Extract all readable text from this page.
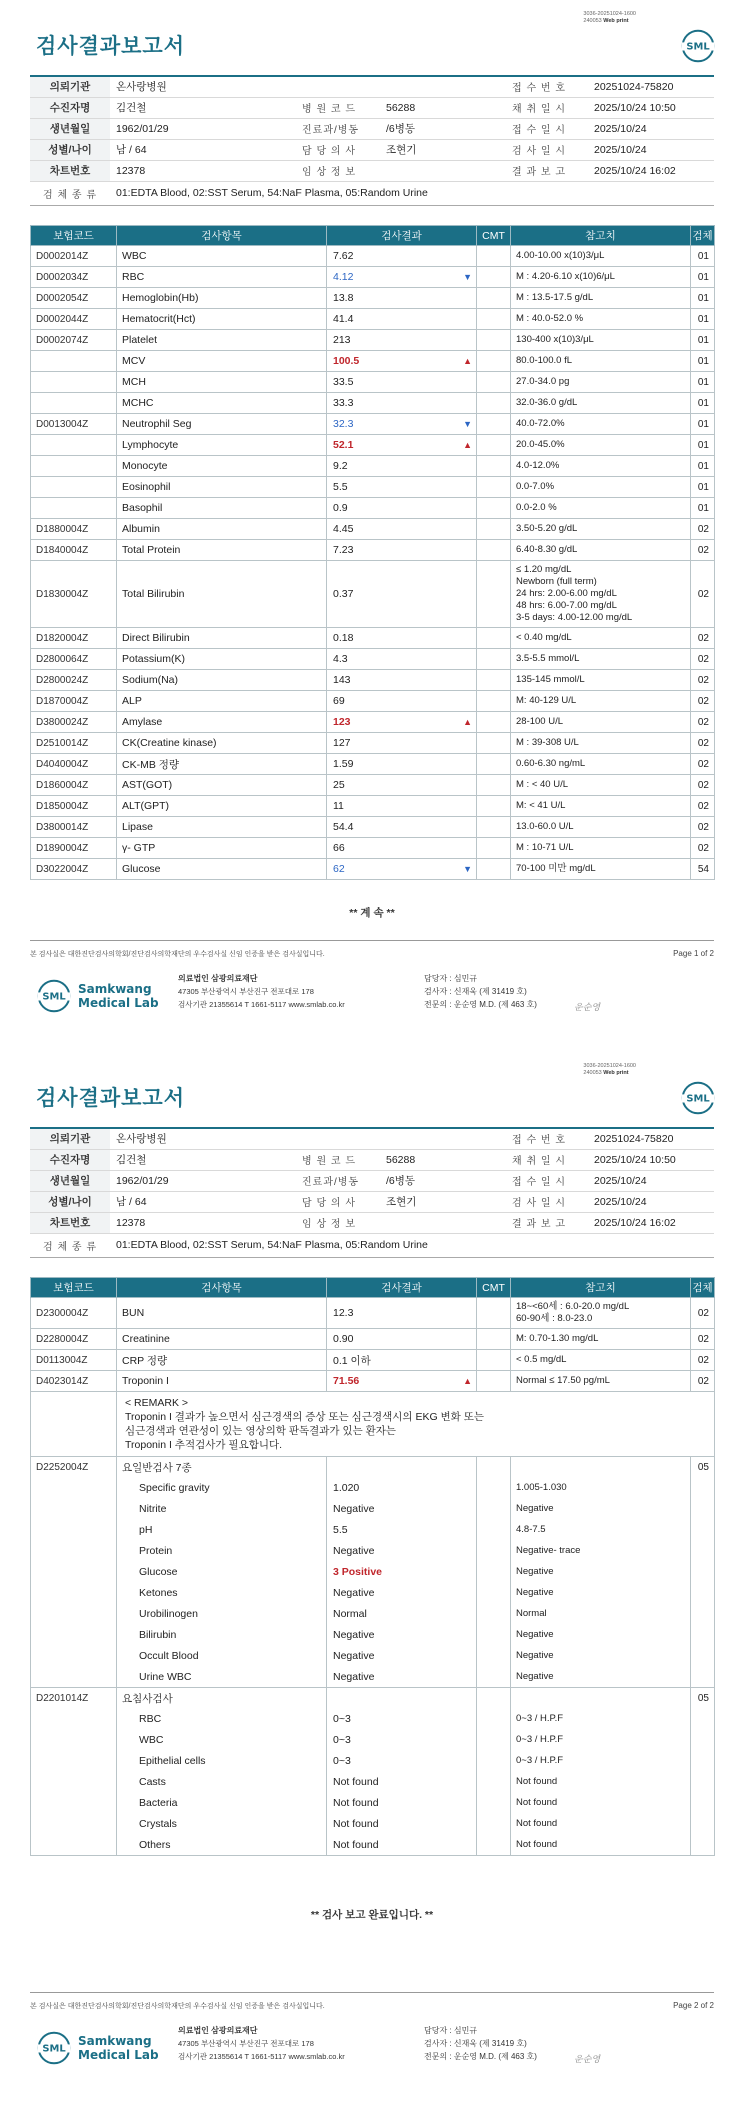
3036-20251024-1600
240053 Web print
검사결과보고서	SML
의뢰기관	온사랑병원			접 수 번 호	20251024-75820
수진자명	김건철	병 원 코 드	56288	채 취 일 시	2025/10/24 10:50
생년월일	1962/01/29	진료과/병동	/6병동	접 수 일 시	2025/10/24
성별/나이	남 / 64	담 당 의 사	조현기	검 사 일 시	2025/10/24
차트번호	12378	임 상 정 보		결 과 보 고	2025/10/24 16:02
검 체 종 류	01:EDTA Blood, 02:SST Serum, 54:NaF Plasma, 05:Random Urine				
보험코드	검사항목	검사결과	CMT	참고치	검체
D0002014Z	WBC	7.62		4.00-10.00 x(10)3/μL	01
D0002034Z	RBC	4.12 ▼		M : 4.20-6.10 x(10)6/μL	01
D0002054Z	Hemoglobin(Hb)	13.8		M : 13.5-17.5 g/dL	01
D0002044Z	Hematocrit(Hct)	41.4		M : 40.0-52.0 %	01
D0002074Z	Platelet	213		130-400 x(10)3/μL	01
	MCV	100.5 ▲		80.0-100.0 fL	01
	MCH	33.5		27.0-34.0 pg	01
	MCHC	33.3		32.0-36.0 g/dL	01
D0013004Z	Neutrophil Seg	32.3 ▼		40.0-72.0%	01
	Lymphocyte	52.1 ▲		20.0-45.0%	01
	Monocyte	9.2		4.0-12.0%	01
	Eosinophil	5.5		0.0-7.0%	01
	Basophil	0.9		0.0-2.0 %	01
D1880004Z	Albumin	4.45		3.50-5.20 g/dL	02
D1840004Z	Total Protein	7.23		6.40-8.30 g/dL	02
D1830004Z	Total Bilirubin	0.37		≤ 1.20 mg/dL
Newborn (full term)
24 hrs: 2.00-6.00 mg/dL
48 hrs: 6.00-7.00 mg/dL
3-5 days: 4.00-12.00 mg/dL	02
D1820004Z	Direct Bilirubin	0.18		< 0.40 mg/dL	02
D2800064Z	Potassium(K)	4.3		3.5-5.5 mmol/L	02
D2800024Z	Sodium(Na)	143		135-145 mmol/L	02
D1870004Z	ALP	69		M: 40-129 U/L	02
D3800024Z	Amylase	123 ▲		28-100 U/L	02
D2510014Z	CK(Creatine kinase)	127		M : 39-308 U/L	02
D4040004Z	CK-MB 정량	1.59		0.60-6.30 ng/mL	02
D1860004Z	AST(GOT)	25		M : < 40 U/L	02
D1850004Z	ALT(GPT)	11		M: < 41 U/L	02
D3800014Z	Lipase	54.4		13.0-60.0 U/L	02
D1890004Z	γ- GTP	66		M : 10-71 U/L	02
D3022004Z	Glucose	62 ▼		70-100 미만 mg/dL	54
** 계 속 **
본 검사실은 대한진단검사의학회/진단검사의학재단의 우수검사실 신임 인증을 받은 검사실입니다.	Page 1 of 2
SML
Samkwang
Medical Lab
의료법인 삼광의료재단
47305 부산광역시 부산진구 전포대로 178
검사기관 21355614 T 1661-5117 www.smlab.co.kr
담당자 : 심민규
검사자 : 신재욱 (제 31419 호)
전문의 : 운순영 M.D. (제 463 호)	운순영
3036-20251024-1600
240053 Web print
검사결과보고서	SML
의뢰기관	온사랑병원			접 수 번 호	20251024-75820
수진자명	김건철	병 원 코 드	56288	채 취 일 시	2025/10/24 10:50
생년월일	1962/01/29	진료과/병동	/6병동	접 수 일 시	2025/10/24
성별/나이	남 / 64	담 당 의 사	조현기	검 사 일 시	2025/10/24
차트번호	12378	임 상 정 보		결 과 보 고	2025/10/24 16:02
검 체 종 류	01:EDTA Blood, 02:SST Serum, 54:NaF Plasma, 05:Random Urine				
보험코드	검사항목	검사결과	CMT	참고치	검체
D2300004Z	BUN	12.3		18~<60세 : 6.0-20.0 mg/dL
60-90세 : 8.0-23.0	02
D2280004Z	Creatinine	0.90		M: 0.70-1.30 mg/dL	02
D0113004Z	CRP 정량	0.1 이하		< 0.5 mg/dL	02
D4023014Z	Troponin I	71.56 ▲		Normal ≤ 17.50 pg/mL	02

	< REMARK >
Troponin I 결과가 높으면서 심근경색의 증상 또는 심근경색시의 EKG 변화 또는
심근경색과 연관성이 있는 영상의학 판독결과가 있는 환자는
Troponin I 추적검사가 필요합니다.				

D2252004Z	요일반검사 7종				05
	Specific gravity	1.020		1.005-1.030	
	Nitrite	Negative		Negative	
	pH	5.5		4.8-7.5	
	Protein	Negative		Negative- trace	
	Glucose	3 Positive		Negative	
	Ketones	Negative		Negative	
	Urobilinogen	Normal		Normal	
	Bilirubin	Negative		Negative	
	Occult Blood	Negative		Negative	
	Urine WBC	Negative		Negative	
D2201014Z	요침사검사				05
	RBC	0~3		0~3 / H.P.F	
	WBC	0~3		0~3 / H.P.F	
	Epithelial cells	0~3		0~3 / H.P.F	
	Casts	Not found		Not found	
	Bacteria	Not found		Not found	
	Crystals	Not found		Not found	
	Others	Not found		Not found	
** 검사 보고 완료입니다. **
본 검사실은 대한진단검사의학회/진단검사의학재단의 우수검사실 신임 인증을 받은 검사실입니다.	Page 2 of 2
SML
Samkwang
Medical Lab
의료법인 삼광의료재단
47305 부산광역시 부산진구 전포대로 178
검사기관 21355614 T 1661-5117 www.smlab.co.kr
담당자 : 심민규
검사자 : 신재욱 (제 31419 호)
전문의 : 운순영 M.D. (제 463 호)	운순영
